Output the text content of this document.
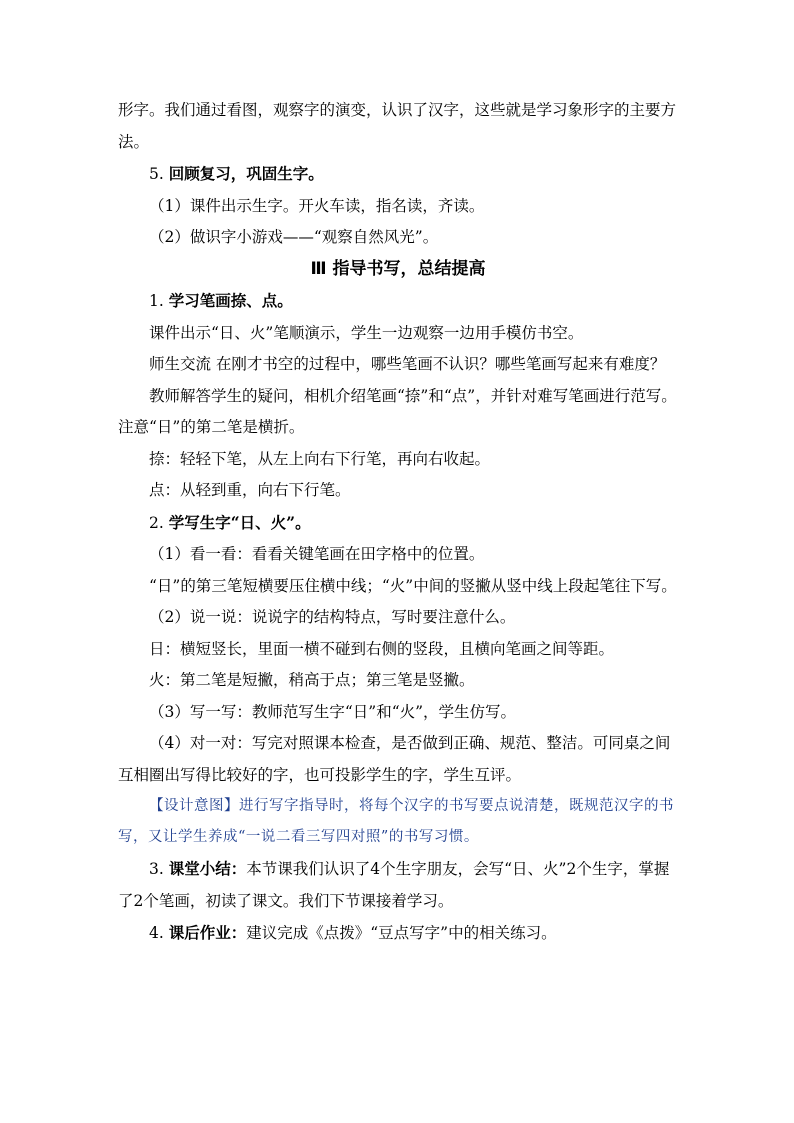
形字。我们通过看图，观察字的演变，认识了汉字，这些就是学习象形字的主要方法。

5. 回顾复习，巩固生字。

（1）课件出示生字。开火车读，指名读，齐读。

（2）做识字小游戏——“观察自然风光”。

Ⅲ 指导书写，总结提高

1. 学习笔画捺、点。

课件出示“日、火”笔顺演示，学生一边观察一边用手模仿书空。

师生交流 在刚才书空的过程中，哪些笔画不认识？哪些笔画写起来有难度？

教师解答学生的疑问，相机介绍笔画“捺”和“点”，并针对难写笔画进行范写。注意“日”的第二笔是横折。

捺：轻轻下笔，从左上向右下行笔，再向右收起。

点：从轻到重，向右下行笔。

2. 学写生字“日、火”。

（1）看一看：看看关键笔画在田字格中的位置。

“日”的第三笔短横要压住横中线；“火”中间的竖撇从竖中线上段起笔往下写。

（2）说一说：说说字的结构特点，写时要注意什么。

日：横短竖长，里面一横不碰到右侧的竖段，且横向笔画之间等距。

火：第二笔是短撇，稍高于点；第三笔是竖撇。

（3）写一写：教师范写生字“日”和“火”，学生仿写。

（4）对一对：写完对照课本检查，是否做到正确、规范、整洁。可同桌之间互相圈出写得比较好的字，也可投影学生的字，学生互评。

【设计意图】进行写字指导时，将每个汉字的书写要点说清楚，既规范汉字的书写，又让学生养成“一说二看三写四对照”的书写习惯。

3. 课堂小结：本节课我们认识了4个生字朋友，会写“日、火”2个生字，掌握了2个笔画，初读了课文。我们下节课接着学习。

4. 课后作业：建议完成《点拨》“豆点写字”中的相关练习。
